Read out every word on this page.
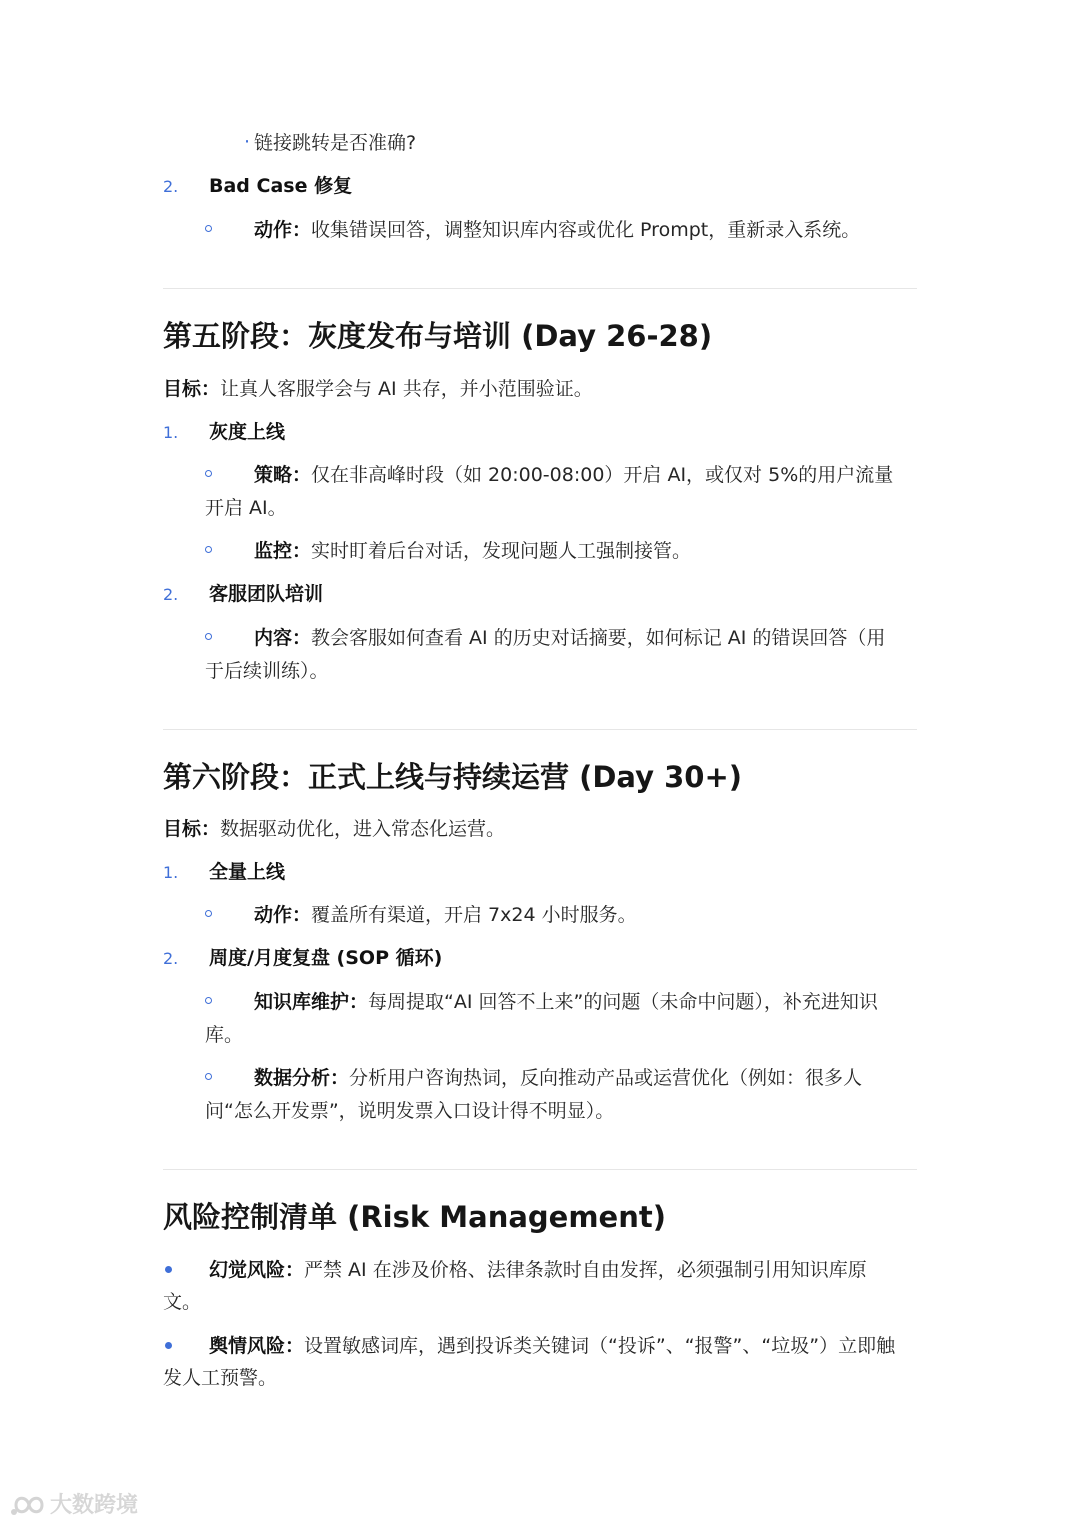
· 链接跳转是否准确?
2. Bad Case 修复
动作：收集错误回答，调整知识库内容或优化 Prompt，重新录入系统。
第五阶段：灰度发布与培训 (Day 26-28)
目标：让真人客服学会与 AI 共存，并小范围验证。
1. 灰度上线
策略：仅在非高峰时段（如 20:00-08:00）开启 AI，或仅对 5%的用户流量
开启 AI。
监控：实时盯着后台对话，发现问题人工强制接管。
2. 客服团队培训
内容：教会客服如何查看 AI 的历史对话摘要，如何标记 AI 的错误回答（用
于后续训练）。
第六阶段：正式上线与持续运营 (Day 30+)
目标：数据驱动优化，进入常态化运营。
1. 全量上线
动作：覆盖所有渠道，开启 7x24 小时服务。
2. 周度/月度复盘 (SOP 循环)
知识库维护：每周提取“AI 回答不上来”的问题（未命中问题），补充进知识
库。
数据分析：分析用户咨询热词，反向推动产品或运营优化（例如：很多人
问“怎么开发票”，说明发票入口设计得不明显）。
风险控制清单 (Risk Management)
幻觉风险：严禁 AI 在涉及价格、法律条款时自由发挥，必须强制引用知识库原
文。
舆情风险：设置敏感词库，遇到投诉类关键词（“投诉”、“报警”、“垃圾”）立即触
发人工预警。
大数跨境
